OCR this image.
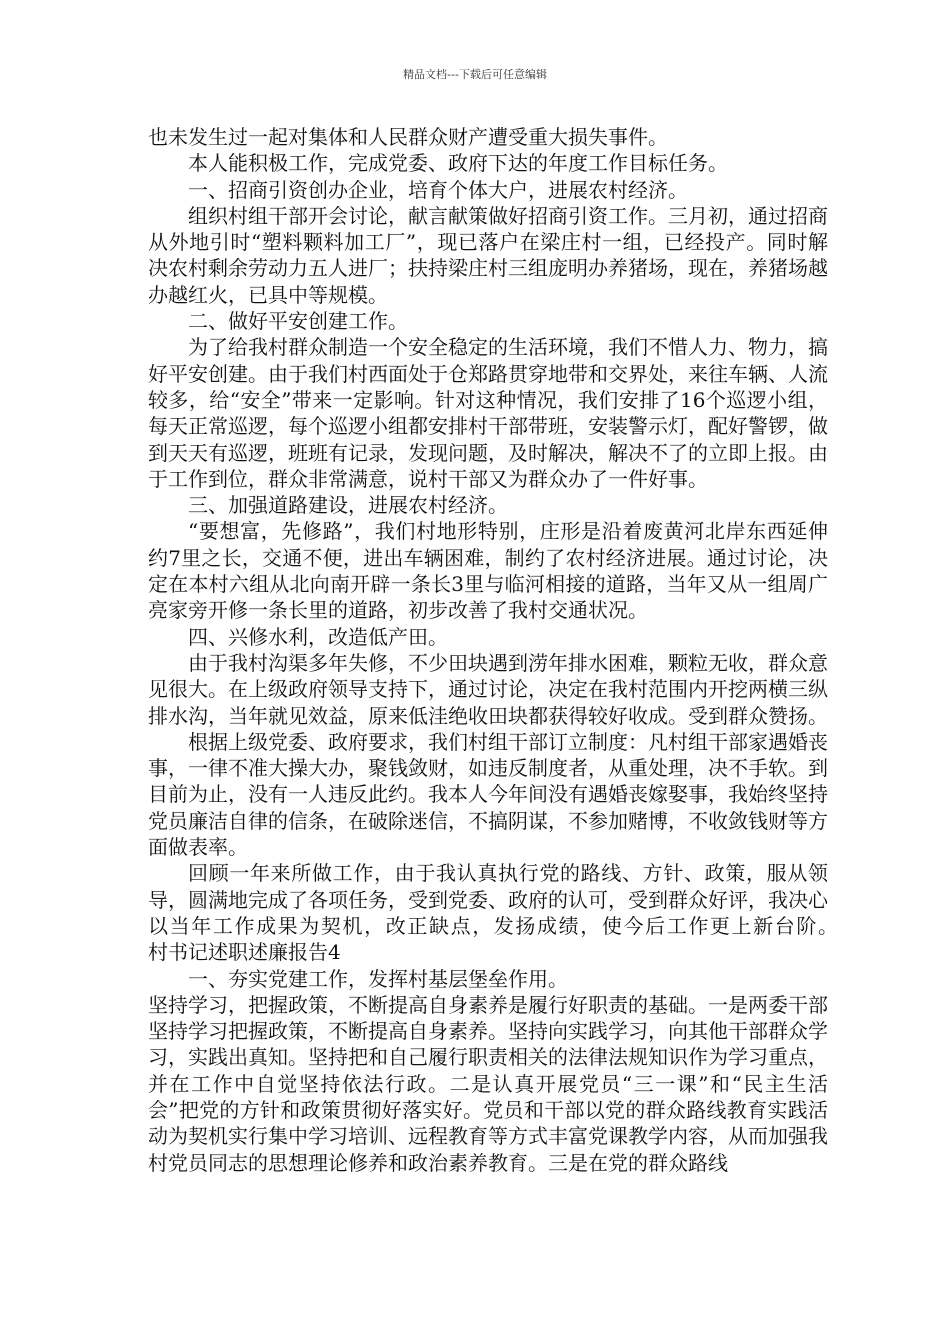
精品文档---下载后可任意编辑

也未发生过一起对集体和人民群众财产遭受重大损失事件。

本人能积极工作，完成党委、政府下达的年度工作目标任务。

一、招商引资创办企业，培育个体大户，进展农村经济。

组织村组干部开会讨论，献言献策做好招商引资工作。三月初，通过招商从外地引时“塑料颗料加工厂”，现已落户在梁庄村一组，已经投产。同时解决农村剩余劳动力五人进厂；扶持梁庄村三组庞明办养猪场，现在，养猪场越办越红火，已具中等规模。

二、做好平安创建工作。

为了给我村群众制造一个安全稳定的生活环境，我们不惜人力、物力，搞好平安创建。由于我们村西面处于仓郑路贯穿地带和交界处，来往车辆、人流较多，给“安全”带来一定影响。针对这种情况，我们安排了16个巡逻小组，每天正常巡逻，每个巡逻小组都安排村干部带班，安装警示灯，配好警锣，做到天天有巡逻，班班有记录，发现问题，及时解决，解决不了的立即上报。由于工作到位，群众非常满意，说村干部又为群众办了一件好事。

三、加强道路建设，进展农村经济。

“要想富，先修路”，我们村地形特别，庄形是沿着废黄河北岸东西延伸约7里之长，交通不便，进出车辆困难，制约了农村经济进展。通过讨论，决定在本村六组从北向南开辟一条长3里与临河相接的道路，当年又从一组周广亮家旁开修一条长里的道路，初步改善了我村交通状况。

四、兴修水利，改造低产田。

由于我村沟渠多年失修，不少田块遇到涝年排水困难，颗粒无收，群众意见很大。在上级政府领导支持下，通过讨论，决定在我村范围内开挖两横三纵排水沟，当年就见效益，原来低洼绝收田块都获得较好收成。受到群众赞扬。

根据上级党委、政府要求，我们村组干部订立制度：凡村组干部家遇婚丧事，一律不准大操大办，聚钱敛财，如违反制度者，从重处理，决不手软。到目前为止，没有一人违反此约。我本人今年间没有遇婚丧嫁娶事，我始终坚持党员廉洁自律的信条，在破除迷信，不搞阴谋，不参加赌博，不收敛钱财等方面做表率。

回顾一年来所做工作，由于我认真执行党的路线、方针、政策，服从领导，圆满地完成了各项任务，受到党委、政府的认可，受到群众好评，我决心以当年工作成果为契机，改正缺点，发扬成绩，使今后工作更上新台阶。　　村书记述职述廉报告4

一、夯实党建工作，发挥村基层堡垒作用。

坚持学习，把握政策，不断提高自身素养是履行好职责的基础。一是两委干部坚持学习把握政策，不断提高自身素养。坚持向实践学习，向其他干部群众学习，实践出真知。坚持把和自己履行职责相关的法律法规知识作为学习重点，并在工作中自觉坚持依法行政。二是认真开展党员“三一课”和“民主生活会”把党的方针和政策贯彻好落实好。党员和干部以党的群众路线教育实践活动为契机实行集中学习培训、远程教育等方式丰富党课教学内容，从而加强我村党员同志的思想理论修养和政治素养教育。三是在党的群众路线
